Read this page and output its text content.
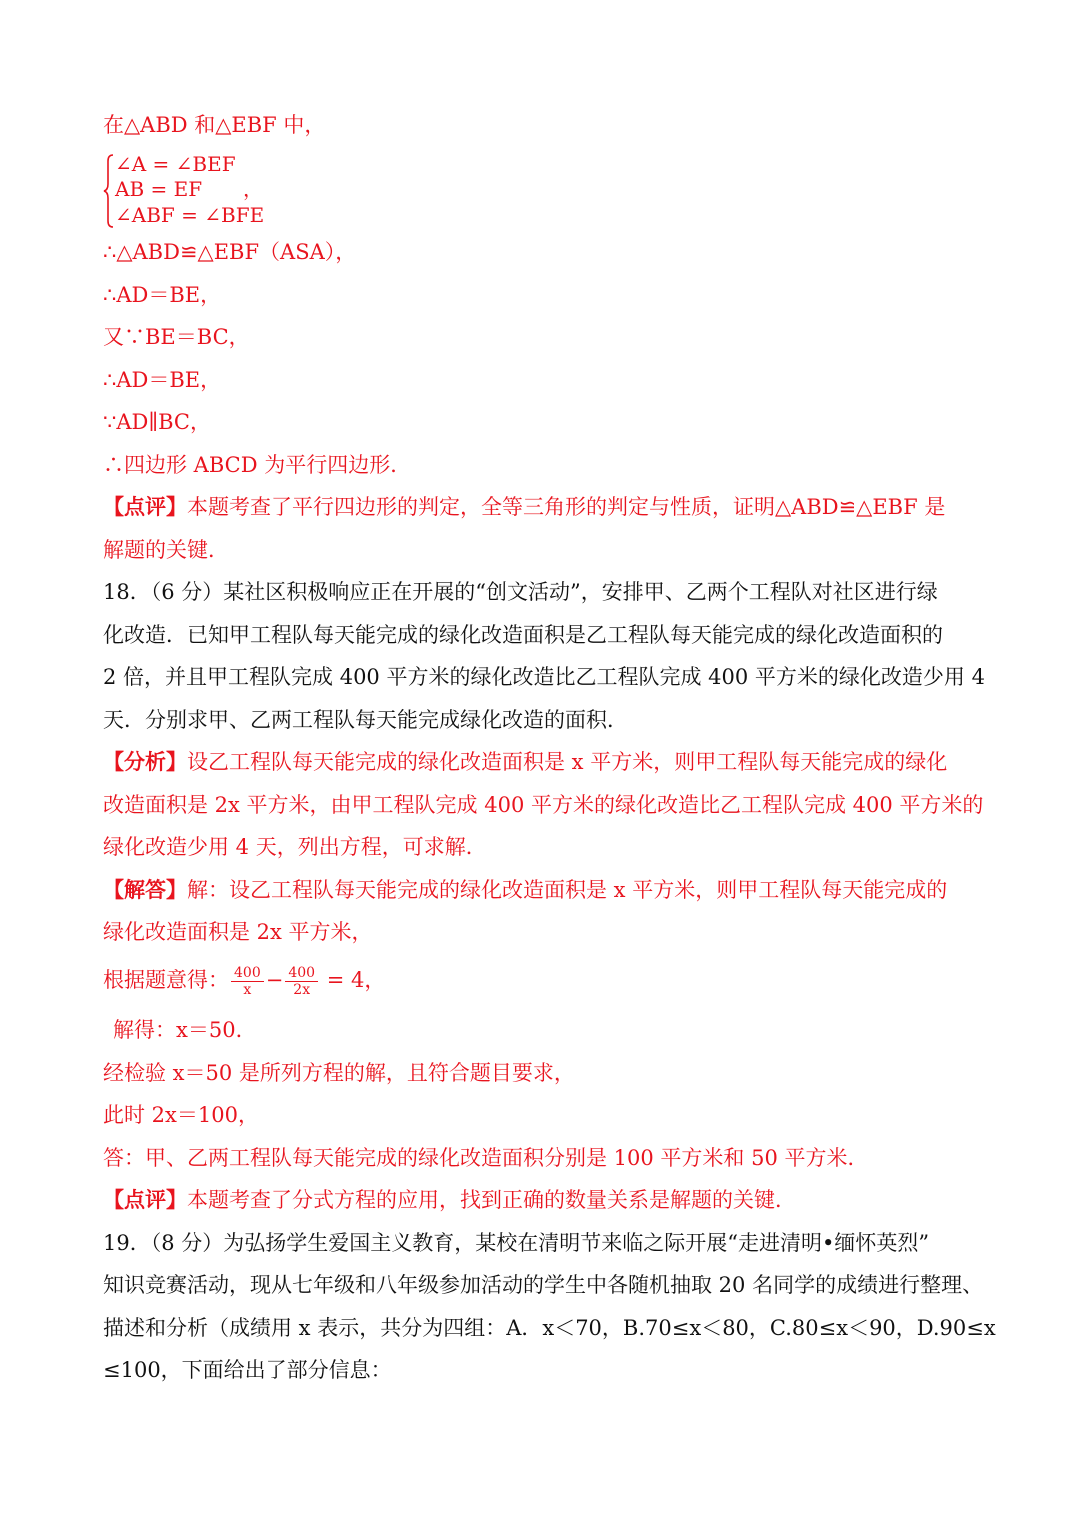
在△ABD 和△EBF 中，
∠A = ∠BEF
AB = EF ，
∠ABF = ∠BFE
∴△ABD≌△EBF（ASA），
∴AD＝BE，
又∵BE＝BC，
∴AD＝BE，
∵AD∥BC，
∴四边形 ABCD 为平行四边形．
【点评】本题考查了平行四边形的判定，全等三角形的判定与性质，证明△ABD≌△EBF 是
解题的关键．
18．（6 分）某社区积极响应正在开展的“创文活动”，安排甲、乙两个工程队对社区进行绿
化改造．已知甲工程队每天能完成的绿化改造面积是乙工程队每天能完成的绿化改造面积的
2 倍，并且甲工程队完成 400 平方米的绿化改造比乙工程队完成 400 平方米的绿化改造少用 4
天．分别求甲、乙两工程队每天能完成绿化改造的面积．
【分析】设乙工程队每天能完成的绿化改造面积是 x 平方米，则甲工程队每天能完成的绿化
改造面积是 2x 平方米，由甲工程队完成 400 平方米的绿化改造比乙工程队完成 400 平方米的
绿化改造少用 4 天，列出方程，可求解．
【解答】解：设乙工程队每天能完成的绿化改造面积是 x 平方米，则甲工程队每天能完成的
绿化改造面积是 2x 平方米，
根据题意得： $\frac{400}{x} - \frac{400}{2x} = 4$，
解得：x＝50．
经检验 x＝50 是所列方程的解，且符合题目要求，
此时 2x＝100，
答：甲、乙两工程队每天能完成的绿化改造面积分别是 100 平方米和 50 平方米．
【点评】本题考查了分式方程的应用，找到正确的数量关系是解题的关键．
19．（8 分）为弘扬学生爱国主义教育，某校在清明节来临之际开展“走进清明•缅怀英烈”
知识竞赛活动，现从七年级和八年级参加活动的学生中各随机抽取 20 名同学的成绩进行整理、
描述和分析（成绩用 x 表示，共分为四组：A．x＜70，B.70≤x＜80，C.80≤x＜90，D.90≤x
≤100，下面给出了部分信息：
